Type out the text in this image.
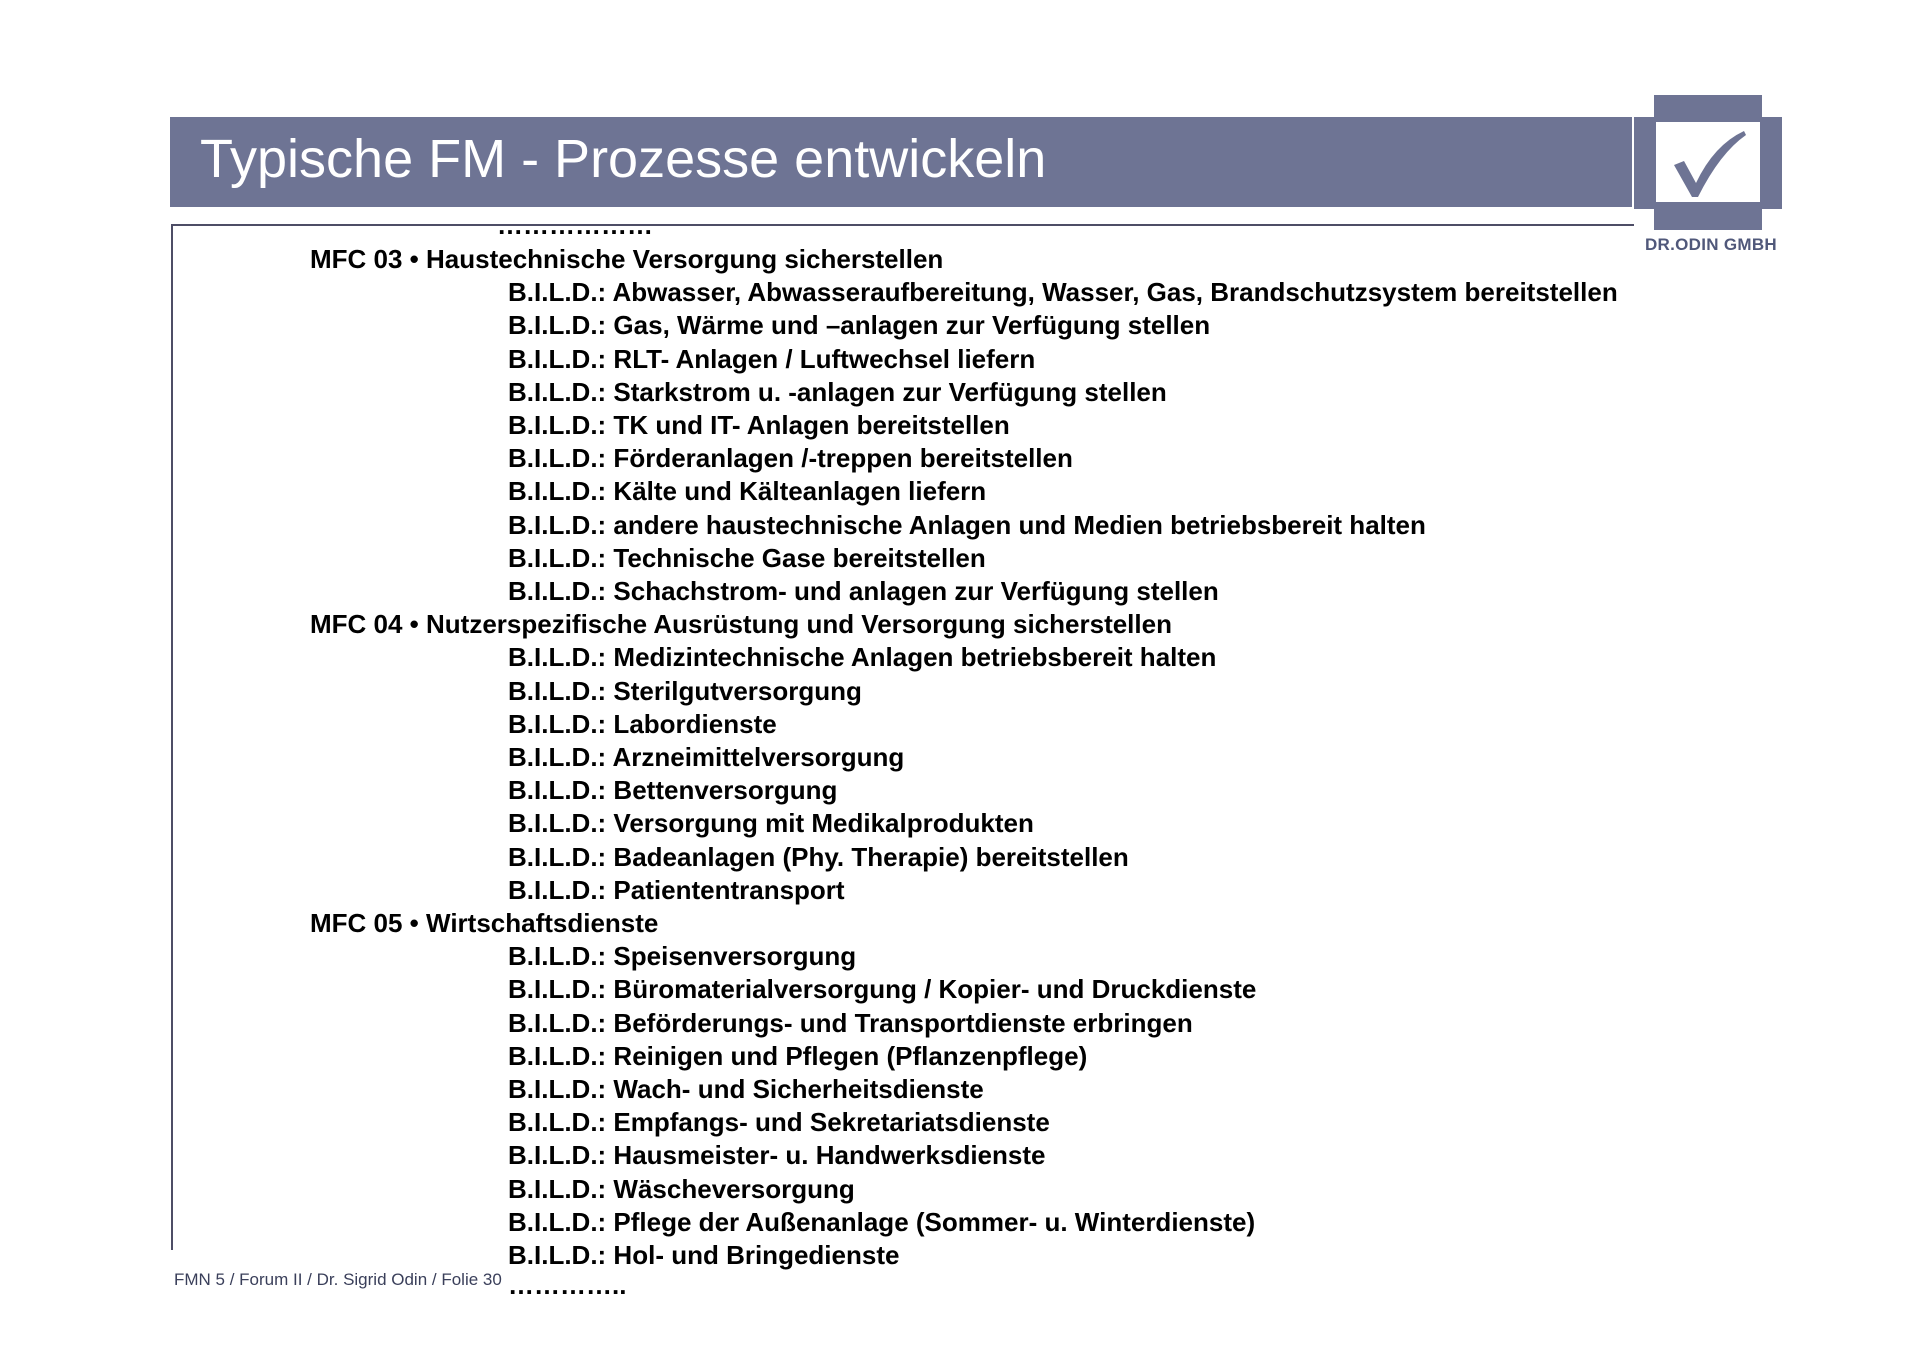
Typische FM - Prozesse entwickeln
DR.ODIN GMBH
………………
MFC 03 • Haustechnische Versorgung sicherstellen
B.I.L.D.: Abwasser, Abwasseraufbereitung, Wasser, Gas, Brandschutzsystem bereitstellen
B.I.L.D.: Gas, Wärme und –anlagen zur Verfügung stellen
B.I.L.D.: RLT- Anlagen / Luftwechsel liefern
B.I.L.D.: Starkstrom u. -anlagen zur Verfügung stellen
B.I.L.D.: TK und IT- Anlagen bereitstellen
B.I.L.D.: Förderanlagen /-treppen bereitstellen
B.I.L.D.: Kälte und Kälteanlagen liefern
B.I.L.D.: andere haustechnische Anlagen und Medien betriebsbereit halten
B.I.L.D.: Technische Gase bereitstellen
B.I.L.D.: Schachstrom- und anlagen zur Verfügung stellen
MFC 04 • Nutzerspezifische Ausrüstung und Versorgung sicherstellen
B.I.L.D.: Medizintechnische Anlagen betriebsbereit halten
B.I.L.D.: Sterilgutversorgung
B.I.L.D.: Labordienste
B.I.L.D.: Arzneimittelversorgung
B.I.L.D.: Bettenversorgung
B.I.L.D.: Versorgung mit Medikalprodukten
B.I.L.D.: Badeanlagen (Phy. Therapie) bereitstellen
B.I.L.D.: Patiententransport
MFC 05 • Wirtschaftsdienste
B.I.L.D.: Speisenversorgung
B.I.L.D.: Büromaterialversorgung / Kopier- und Druckdienste
B.I.L.D.: Beförderungs- und Transportdienste erbringen
B.I.L.D.: Reinigen und Pflegen (Pflanzenpflege)
B.I.L.D.: Wach- und Sicherheitsdienste
B.I.L.D.: Empfangs- und Sekretariatsdienste
B.I.L.D.: Hausmeister- u. Handwerksdienste
B.I.L.D.: Wäscheversorgung
B.I.L.D.: Pflege der Außenanlage (Sommer- u. Winterdienste)
B.I.L.D.: Hol- und Bringedienste
FMN 5 / Forum II / Dr. Sigrid Odin / Folie 30 …………..
